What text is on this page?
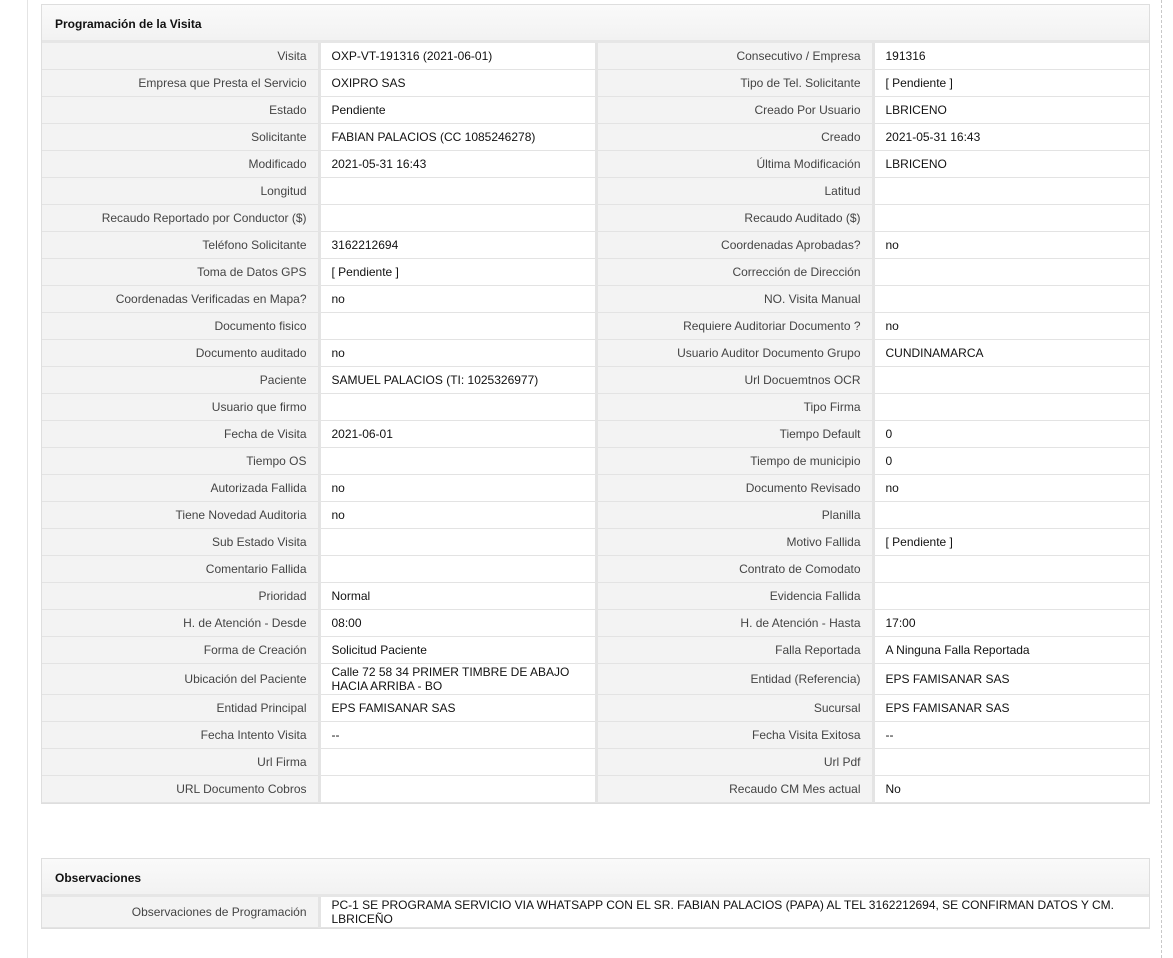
Programación de la Visita
Visita	OXP-VT-191316 (2021-06-01)	Consecutivo / Empresa	191316
Empresa que Presta el Servicio	OXIPRO SAS	Tipo de Tel. Solicitante	[ Pendiente ]
Estado	Pendiente	Creado Por Usuario	LBRICENO
Solicitante	FABIAN PALACIOS (CC 1085246278)	Creado	2021-05-31 16:43
Modificado	2021-05-31 16:43	Última Modificación	LBRICENO
Longitud		Latitud	
Recaudo Reportado por Conductor ($)		Recaudo Auditado ($)	
Teléfono Solicitante	3162212694	Coordenadas Aprobadas?	no
Toma de Datos GPS	[ Pendiente ]	Corrección de Dirección	
Coordenadas Verificadas en Mapa?	no	NO. Visita Manual	
Documento fisico		Requiere Auditoriar Documento ?	no
Documento auditado	no	Usuario Auditor Documento Grupo	CUNDINAMARCA
Paciente	SAMUEL PALACIOS (TI: 1025326977)	Url Docuemtnos OCR	
Usuario que firmo		Tipo Firma	
Fecha de Visita	2021-06-01	Tiempo Default	0
Tiempo OS		Tiempo de municipio	0
Autorizada Fallida	no	Documento Revisado	no
Tiene Novedad Auditoria	no	Planilla	
Sub Estado Visita		Motivo Fallida	[ Pendiente ]
Comentario Fallida		Contrato de Comodato	
Prioridad	Normal	Evidencia Fallida	
H. de Atención - Desde	08:00	H. de Atención - Hasta	17:00
Forma de Creación	Solicitud Paciente	Falla Reportada	A Ninguna Falla Reportada
Ubicación del Paciente	Calle 72 58 34 PRIMER TIMBRE DE ABAJO HACIA ARRIBA - BO	Entidad (Referencia)	EPS FAMISANAR SAS
Entidad Principal	EPS FAMISANAR SAS	Sucursal	EPS FAMISANAR SAS
Fecha Intento Visita	--	Fecha Visita Exitosa	--
Url Firma		Url Pdf	
URL Documento Cobros		Recaudo CM Mes actual	No
Observaciones
Observaciones de Programación	PC-1 SE PROGRAMA SERVICIO VIA WHATSAPP CON EL SR. FABIAN PALACIOS (PAPA) AL TEL 3162212694, SE CONFIRMAN DATOS Y CM. LBRICEÑO
